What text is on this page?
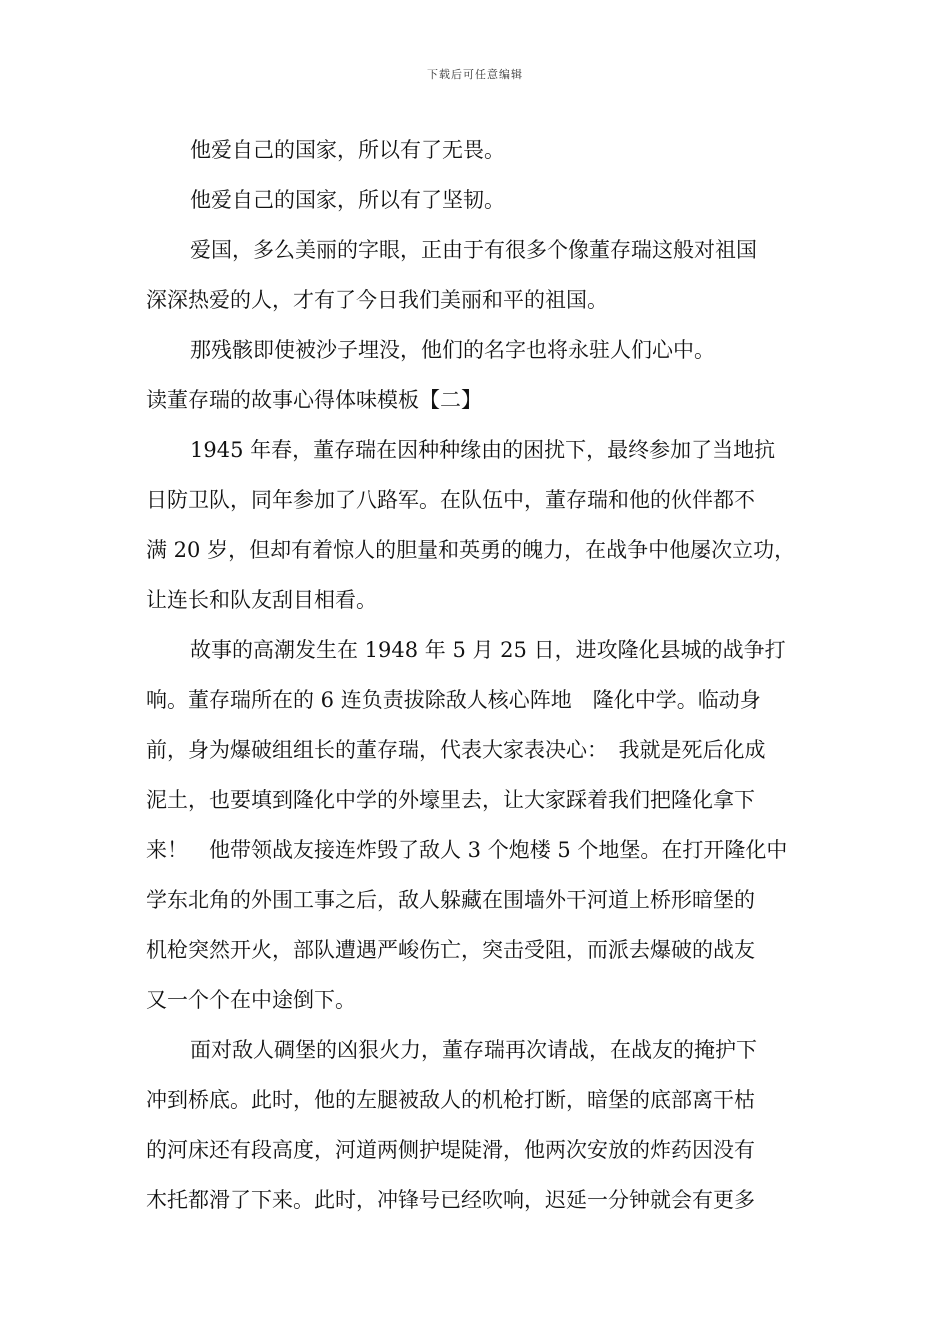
下载后可任意编辑
他爱自己的国家，所以有了无畏。
他爱自己的国家，所以有了坚韧。
爱国，多么美丽的字眼，正由于有很多个像董存瑞这般对祖国
深深热爱的人，才有了今日我们美丽和平的祖国。
那残骸即使被沙子埋没，他们的名字也将永驻人们心中。
读董存瑞的故事心得体味模板【二】
1945 年春，董存瑞在因种种缘由的困扰下，最终参加了当地抗
日防卫队，同年参加了八路军。在队伍中，董存瑞和他的伙伴都不
满 20 岁，但却有着惊人的胆量和英勇的魄力，在战争中他屡次立功，
让连长和队友刮目相看。
故事的高潮发生在 1948 年 5 月 25 日，进攻隆化县城的战争打
响。董存瑞所在的 6 连负责拔除敌人核心阵地　隆化中学。临动身
前，身为爆破组组长的董存瑞，代表大家表决心：　我就是死后化成
泥土，也要填到隆化中学的外壕里去，让大家踩着我们把隆化拿下
来！　他带领战友接连炸毁了敌人 3 个炮楼 5 个地堡。在打开隆化中
学东北角的外围工事之后，敌人躲藏在围墙外干河道上桥形暗堡的
机枪突然开火，部队遭遇严峻伤亡，突击受阻，而派去爆破的战友
又一个个在中途倒下。
面对敌人碉堡的凶狠火力，董存瑞再次请战，在战友的掩护下
冲到桥底。此时，他的左腿被敌人的机枪打断，暗堡的底部离干枯
的河床还有段高度，河道两侧护堤陡滑，他两次安放的炸药因没有
木托都滑了下来。此时，冲锋号已经吹响，迟延一分钟就会有更多
